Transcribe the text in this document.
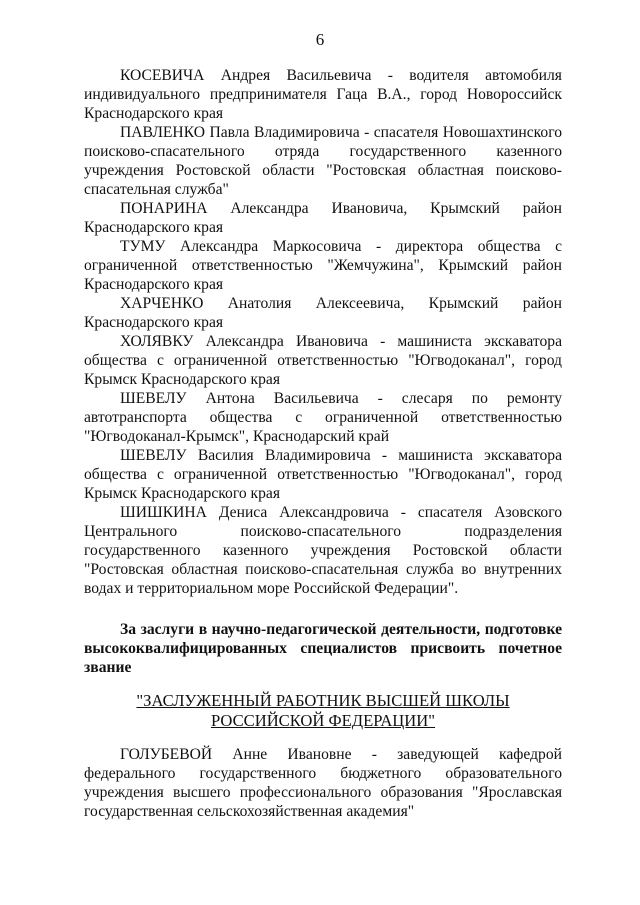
6

КОСЕВИЧА Андрея Васильевича - водителя автомобиля индивидуального предпринимателя Гаца В.А., город Новороссийск Краснодарского края

ПАВЛЕНКО Павла Владимировича - спасателя Новошахтинского поисково-спасательного отряда государственного казенного учреждения Ростовской области "Ростовская областная поисково-спасательная служба"

ПОНАРИНА Александра Ивановича, Крымский район Краснодарского края

ТУМУ Александра Маркосовича - директора общества с ограниченной ответственностью "Жемчужина", Крымский район Краснодарского края

ХАРЧЕНКО Анатолия Алексеевича, Крымский район Краснодарского края

ХОЛЯВКУ Александра Ивановича - машиниста экскаватора общества с ограниченной ответственностью "Югводоканал", город Крымск Краснодарского края

ШЕВЕЛУ Антона Васильевича - слесаря по ремонту автотранспорта общества с ограниченной ответственностью "Югводоканал-Крымск", Краснодарский край

ШЕВЕЛУ Василия Владимировича - машиниста экскаватора общества с ограниченной ответственностью "Югводоканал", город Крымск Краснодарского края

ШИШКИНА Дениса Александровича - спасателя Азовского Центрального поисково-спасательного подразделения государственного казенного учреждения Ростовской области "Ростовская областная поисково-спасательная служба во внутренних водах и территориальном море Российской Федерации".

За заслуги в научно-педагогической деятельности, подготовке высококвалифицированных специалистов присвоить почетное звание
"ЗАСЛУЖЕННЫЙ РАБОТНИК ВЫСШЕЙ ШКОЛЫ
РОССИЙСКОЙ ФЕДЕРАЦИИ"

ГОЛУБЕВОЙ Анне Ивановне - заведующей кафедрой федерального государственного бюджетного образовательного учреждения высшего профессионального образования "Ярославская государственная сельскохозяйственная академия"
